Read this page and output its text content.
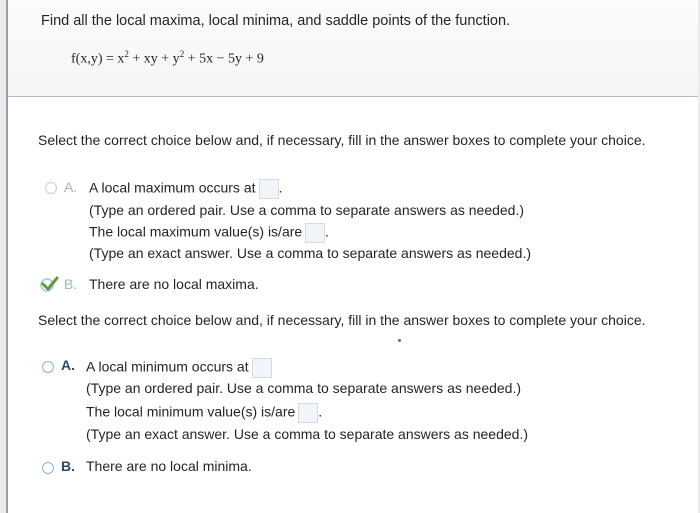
Find all the local maxima, local minima, and saddle points of the function.
$f(x,y) = x^2$ + xy + $y^2 + 5x - 5y + 9$
Select the correct choice below and, if necessary, fill in the answer boxes to complete your choice.
A. A local maximum occurs at .
(Type an ordered pair. Use a comma to separate answers as needed.)
The local maximum value(s) is/are .
(Type an exact answer. Use a comma to separate answers as needed.)
B. There are no local maxima.
Select the correct choice below and, if necessary, fill in the answer boxes to complete your choice.
A. A local minimum occurs at
(Type an ordered pair. Use a comma to separate answers as needed.)
The local minimum value(s) is/are .
(Type an exact answer. Use a comma to separate answers as needed.)
B. There are no local minima.
